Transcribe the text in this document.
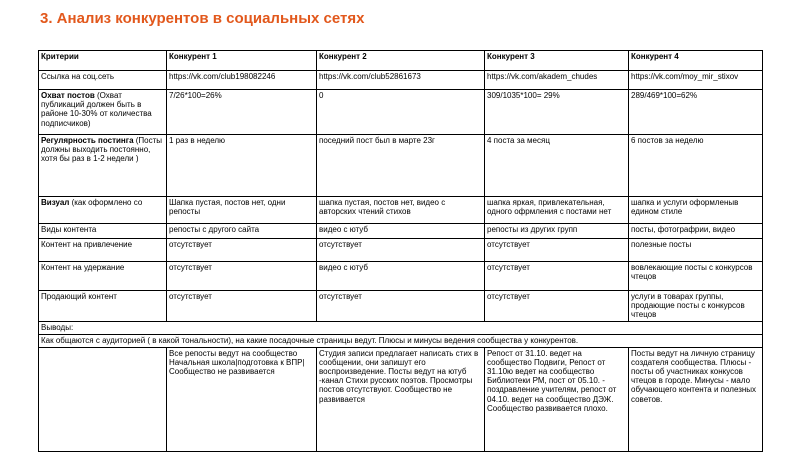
3. Анализ конкурентов в социальных сетях
Критерии	Конкурент 1	Конкурент 2	Конкурент 3	Конкурент 4
Ссылка на соц.сеть	https://vk.com/club198082246	https://vk.com/club52861673	https://vk.com/akadem_chudes	https://vk.com/moy_mir_stixov
Охват постов (Охват публикаций должен быть в районе 10-30% от количества подписчиков)	7/26*100=26%	0	309/1035*100= 29%	289/469*100=62%
Регулярность постинга (Посты должны выходить постоянно, хотя бы раз в 1-2 недели )	1 раз в неделю	поседний пост был в марте 23г	4 поста за месяц	6 постов за неделю
Визуал (как оформлено со	Шапка пустая, постов нет, одни репосты	шапка пустая, постов нет, видео с авторских чтений стихов	шапка яркая, привлекательная, одного офрмления с постами нет	шапка и услуги оформленыв едином стиле
Виды контента	репосты с другого сайта	видео с ютуб	репосты из других групп	посты, фотографрии, видео
Контент на привлечение	отсутствует	отсутствует	отсутствует	полезные посты
Контент на удержание	отсутствует	видео с ютуб	отсутствует	вовлекающие посты с конкурсов чтецов
Продающий контент	отсутствует	отсутствует	отсутствует	услуги в товарах группы, продающие посты с конкурсов чтецов
Выводы:				
Как общаются с аудиторией ( в какой тональности), на какие посадочные страницы ведут. Плюсы и минусы ведения сообщества у конкурентов.				
	Все репосты ведут на сообщество Начальная школа|подготовка к ВПР| Сообщество не развивается	Студия записи предлагает написать стих в сообщении, они запишут его воспроизведение. Посты ведут на ютуб -канал Стихи русских поэтов. Просмотры постов отсутствуют. Сообщество не развивается	Репост от 31.10. ведет на сообщество Подвиги, Репост от 31.10ю ведет на сообщество Библиотеки РМ, пост от 05.10. - поздравление учителям, репост от 04.10. ведет на сообщество ДЭЖ. Сообщество развивается плохо.	Посты ведут на личную страницу создателя сообщества. Плюсы - посты об участниках конкусов чтецов в городе. Минусы - мало обучающего контента и полезных советов.
